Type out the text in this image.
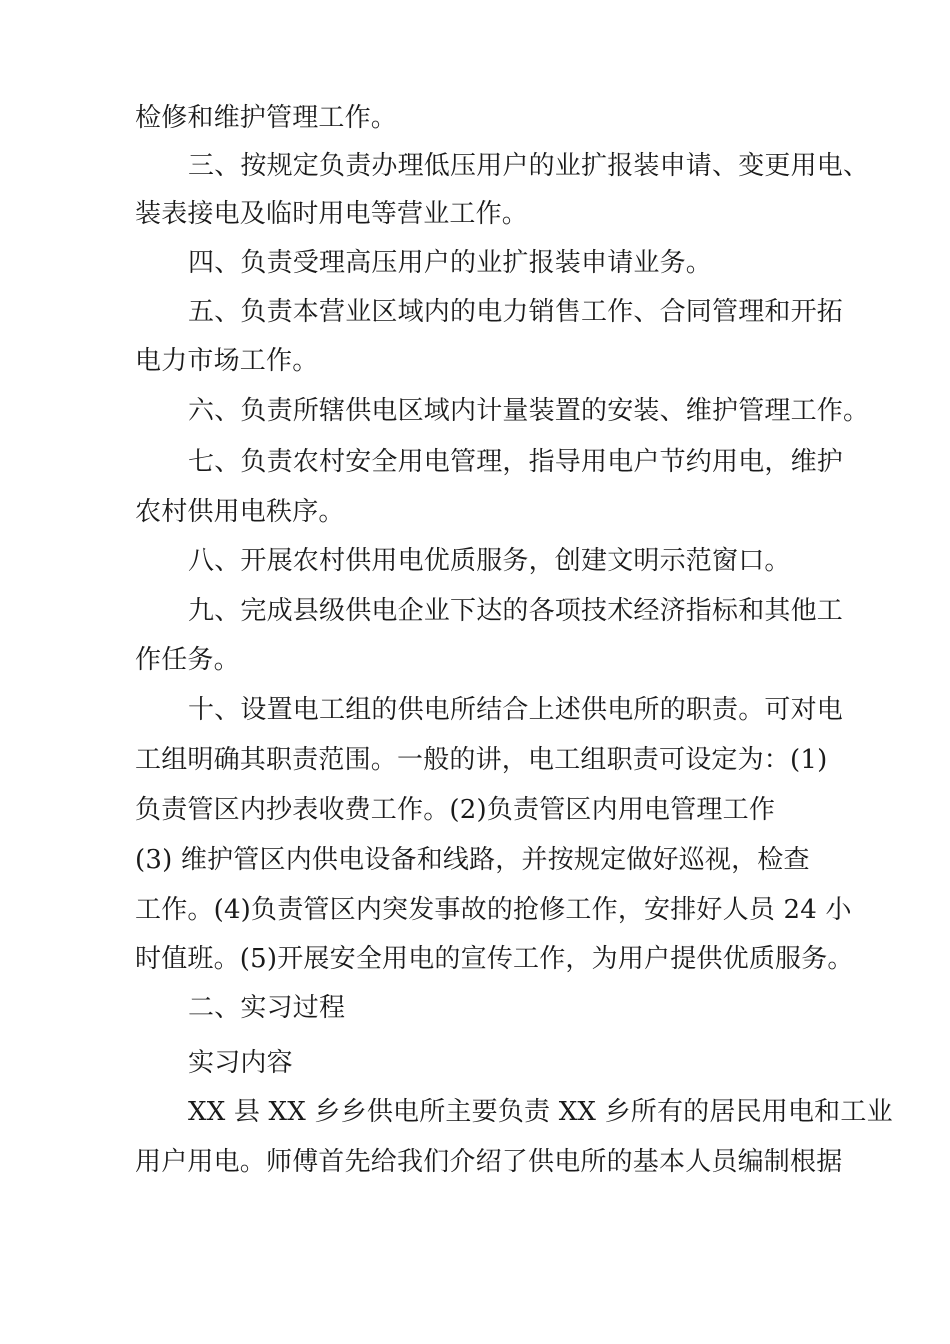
检修和维护管理工作。
三、按规定负责办理低压用户的业扩报装申请、变更用电、
装表接电及临时用电等营业工作。
四、负责受理高压用户的业扩报装申请业务。
五、负责本营业区域内的电力销售工作、合同管理和开拓
电力市场工作。
六、负责所辖供电区域内计量装置的安装、维护管理工作。
七、负责农村安全用电管理，指导用电户节约用电，维护
农村供用电秩序。
八、开展农村供用电优质服务，创建文明示范窗口。
九、完成县级供电企业下达的各项技术经济指标和其他工
作任务。
十、设置电工组的供电所结合上述供电所的职责。可对电
工组明确其职责范围。一般的讲，电工组职责可设定为：(1)
负责管区内抄表收费工作。(2)负责管区内用电管理工作
(3) 维护管区内供电设备和线路，并按规定做好巡视，检查
工作。(4)负责管区内突发事故的抢修工作，安排好人员 24 小
时值班。(5)开展安全用电的宣传工作，为用户提供优质服务。
二、实习过程
实习内容
XX 县 XX 乡乡供电所主要负责 XX 乡所有的居民用电和工业
用户用电。师傅首先给我们介绍了供电所的基本人员编制根据
